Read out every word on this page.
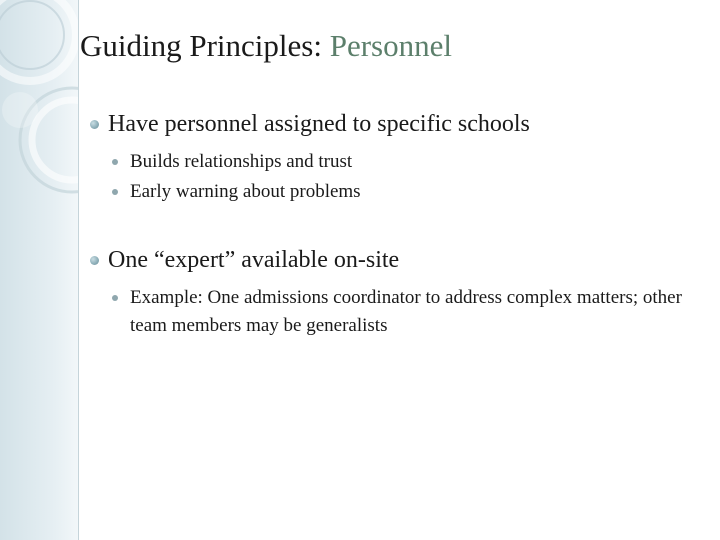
Guiding Principles: Personnel
Have personnel assigned to specific schools
Builds relationships and trust
Early warning about problems
One “expert” available on-site
Example: One admissions coordinator to address complex matters; other team members may be generalists
